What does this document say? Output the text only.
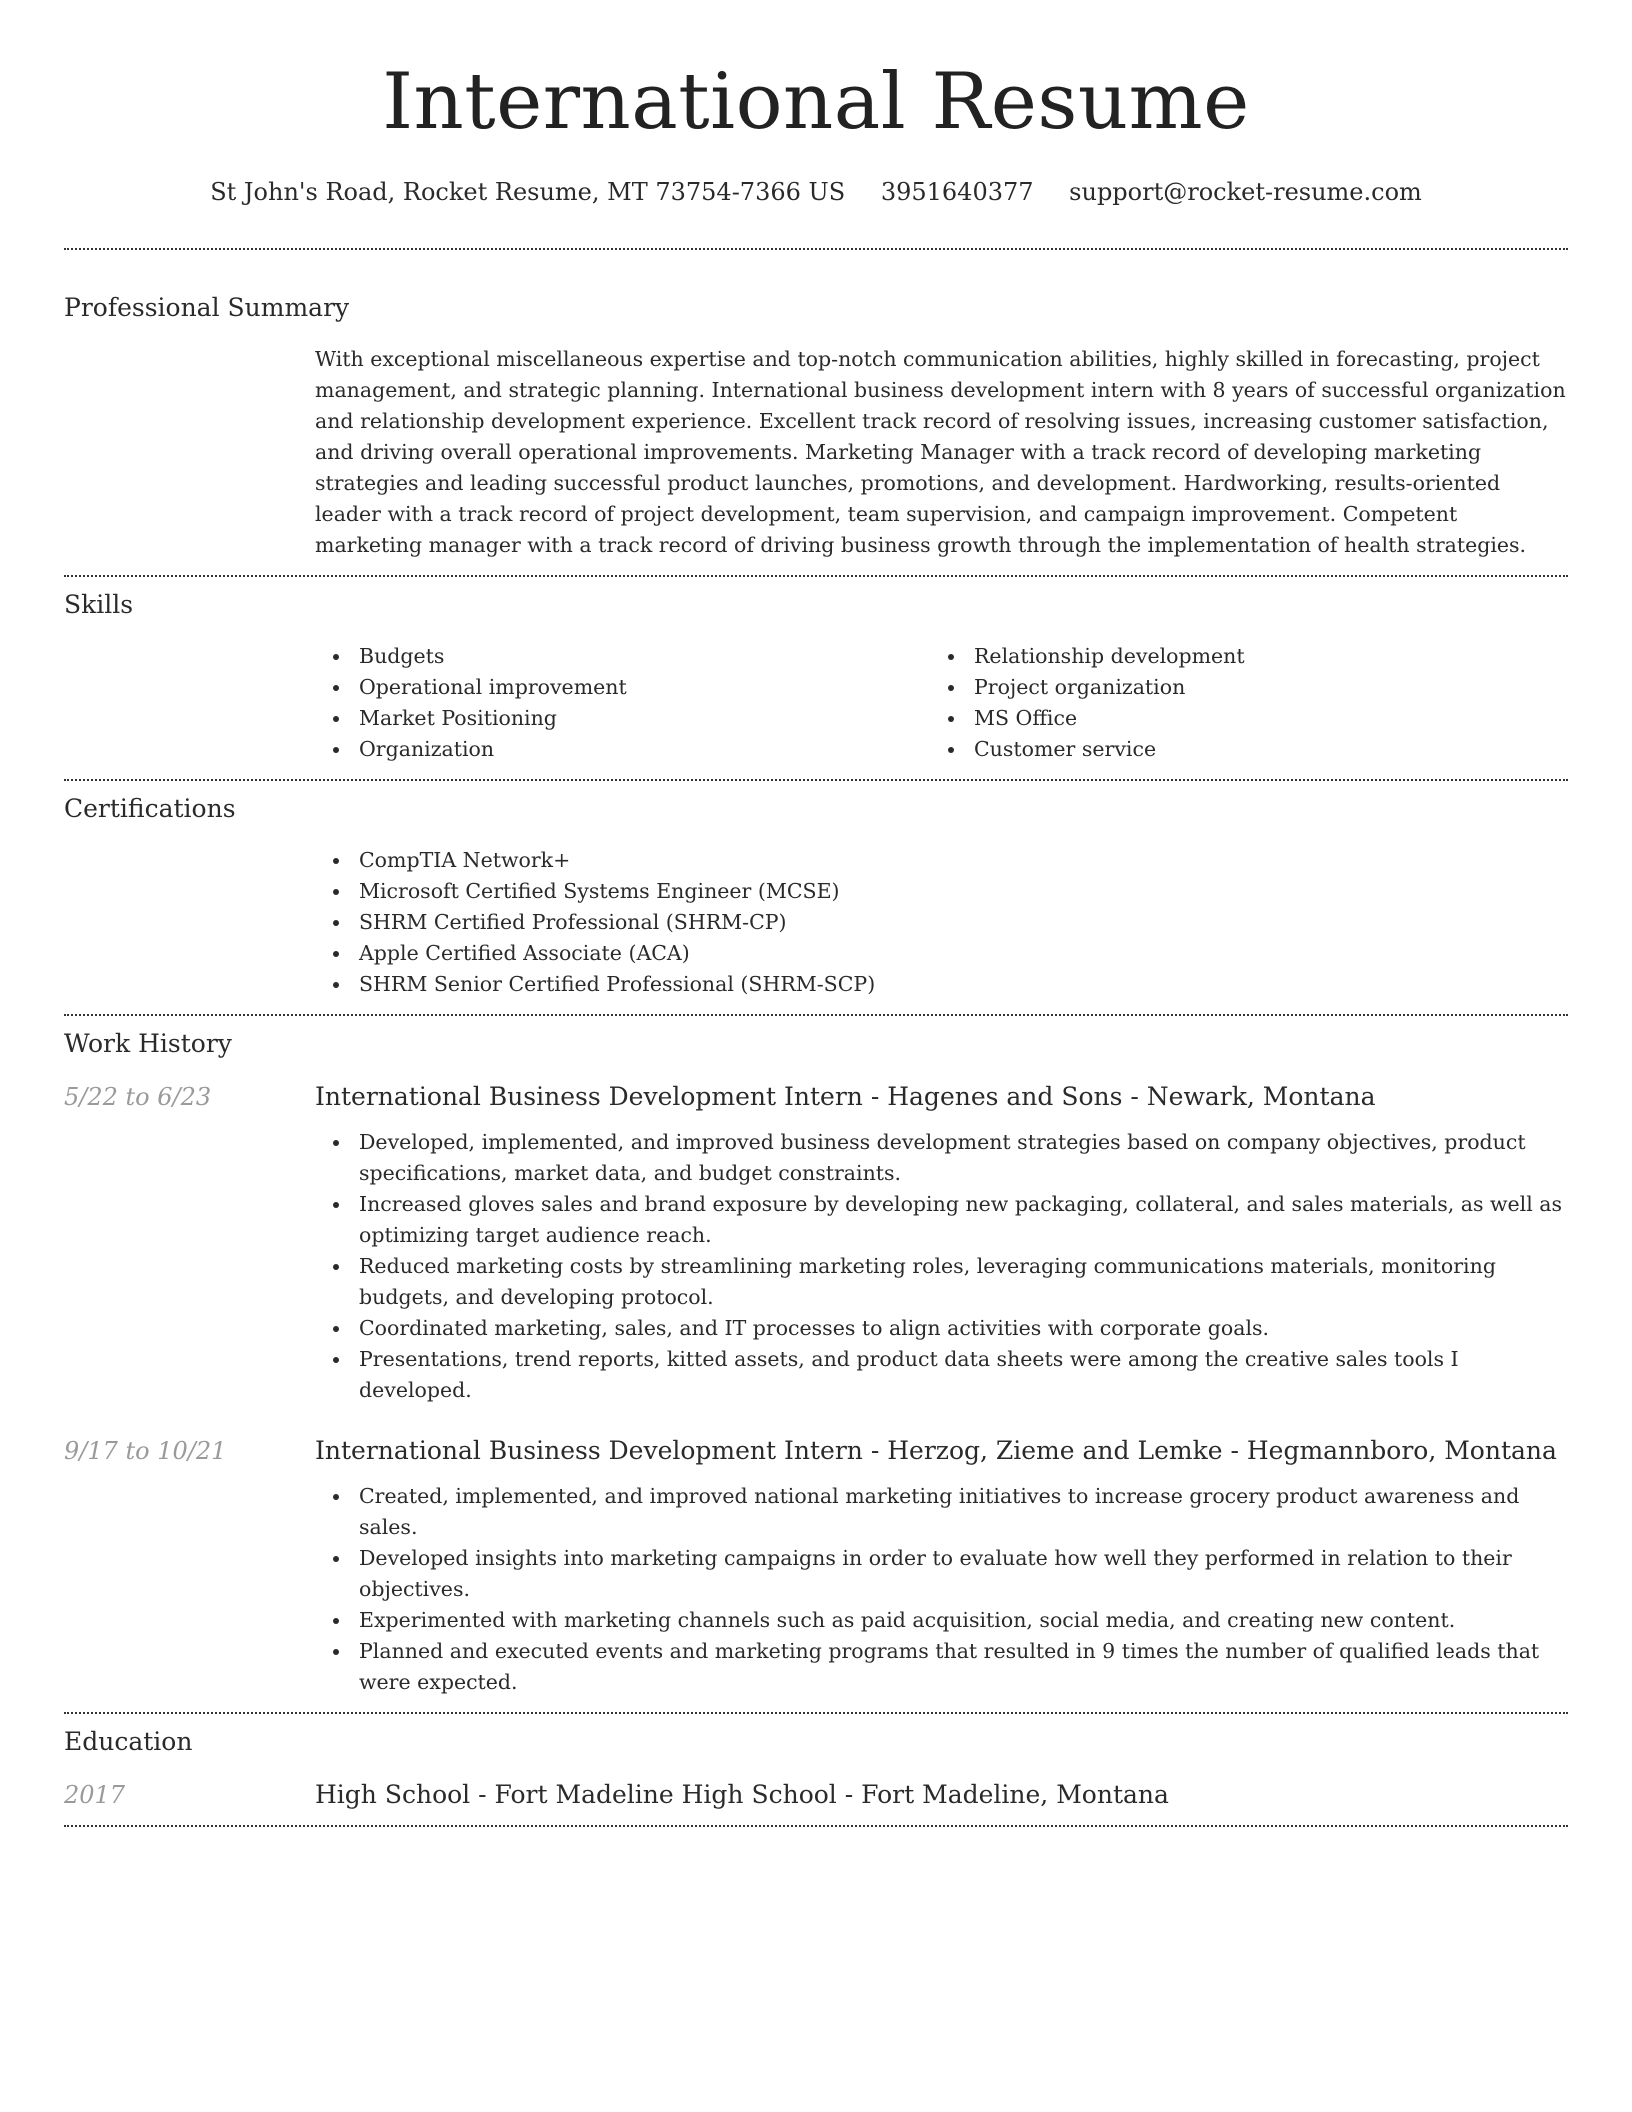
International Resume
St John's Road, Rocket Resume, MT 73754-7366 US 3951640377 support@rocket-resume.com
Professional Summary
With exceptional miscellaneous expertise and top-notch communication abilities, highly skilled in forecasting, project management, and strategic planning. International business development intern with 8 years of successful organization and relationship development experience. Excellent track record of resolving issues, increasing customer satisfaction, and driving overall operational improvements. Marketing Manager with a track record of developing marketing strategies and leading successful product launches, promotions, and development. Hardworking, results-oriented leader with a track record of project development, team supervision, and campaign improvement. Competent marketing manager with a track record of driving business growth through the implementation of health strategies.
Skills
Budgets
Operational improvement
Market Positioning
Organization
Relationship development
Project organization
MS Office
Customer service
Certifications
CompTIA Network+
Microsoft Certified Systems Engineer (MCSE)
SHRM Certified Professional (SHRM-CP)
Apple Certified Associate (ACA)
SHRM Senior Certified Professional (SHRM-SCP)
Work History
5/22 to 6/23	International Business Development Intern - Hagenes and Sons - Newark, Montana
Developed, implemented, and improved business development strategies based on company objectives, product specifications, market data, and budget constraints.
Increased gloves sales and brand exposure by developing new packaging, collateral, and sales materials, as well as optimizing target audience reach.
Reduced marketing costs by streamlining marketing roles, leveraging communications materials, monitoring budgets, and developing protocol.
Coordinated marketing, sales, and IT processes to align activities with corporate goals.
Presentations, trend reports, kitted assets, and product data sheets were among the creative sales tools I developed.
9/17 to 10/21	International Business Development Intern - Herzog, Zieme and Lemke - Hegmannboro, Montana
Created, implemented, and improved national marketing initiatives to increase grocery product awareness and sales.
Developed insights into marketing campaigns in order to evaluate how well they performed in relation to their objectives.
Experimented with marketing channels such as paid acquisition, social media, and creating new content.
Planned and executed events and marketing programs that resulted in 9 times the number of qualified leads that were expected.
Education
2017	High School - Fort Madeline High School - Fort Madeline, Montana
